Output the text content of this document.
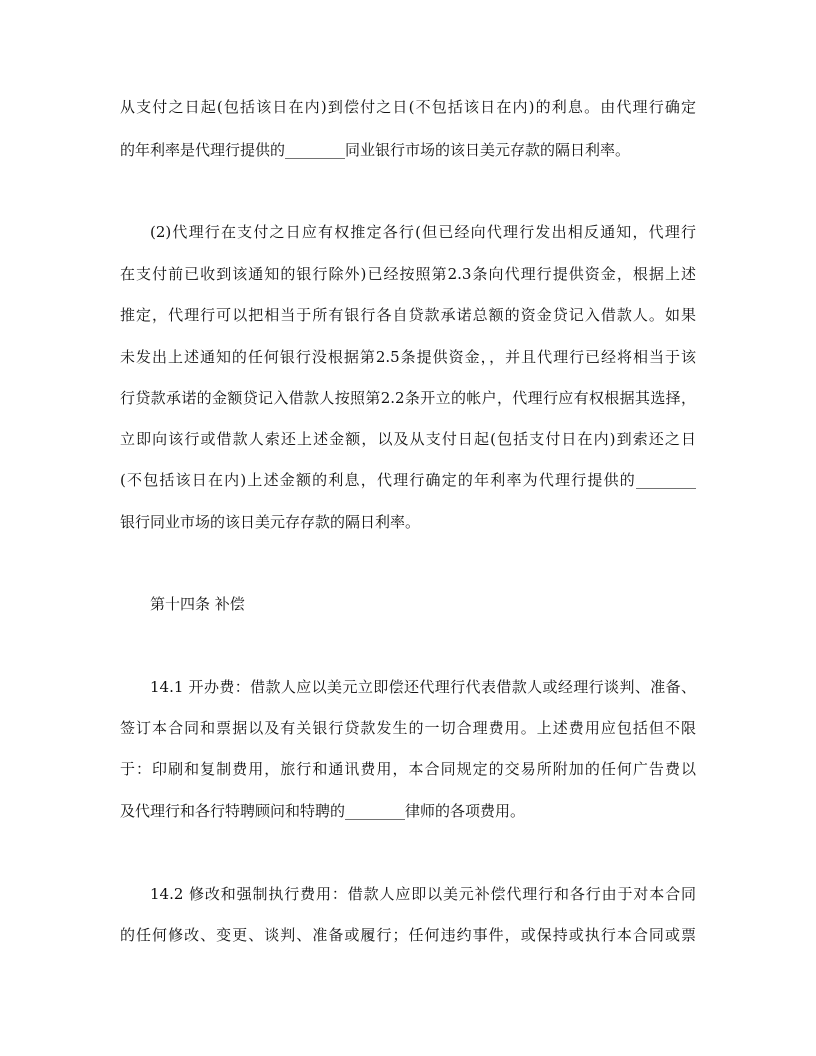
从支付之日起(包括该日在内)到偿付之日(不包括该日在内)的利息。由代理行确定
的年利率是代理行提供的________同业银行市场的该日美元存款的隔日利率。
(2)代理行在支付之日应有权推定各行(但已经向代理行发出相反通知，代理行
在支付前已收到该通知的银行除外)已经按照第2.3条向代理行提供资金，根据上述
推定，代理行可以把相当于所有银行各自贷款承诺总额的资金贷记入借款人。如果
未发出上述通知的任何银行没根据第2.5条提供资金，，并且代理行已经将相当于该
行贷款承诺的金额贷记入借款人按照第2.2条开立的帐户，代理行应有权根据其选择，
立即向该行或借款人索还上述金额，以及从支付日起(包括支付日在内)到索还之日
(不包括该日在内)上述金额的利息，代理行确定的年利率为代理行提供的________
银行同业市场的该日美元存存款的隔日利率。
第十四条 补偿
14.1 开办费：借款人应以美元立即偿还代理行代表借款人或经理行谈判、准备、
签订本合同和票据以及有关银行贷款发生的一切合理费用。上述费用应包括但不限
于：印刷和复制费用，旅行和通讯费用，本合同规定的交易所附加的任何广告费以
及代理行和各行特聘顾问和特聘的________律师的各项费用。
14.2 修改和强制执行费用：借款人应即以美元补偿代理行和各行由于对本合同
的任何修改、变更、谈判、准备或履行；任何违约事件，或保持或执行本合同或票
